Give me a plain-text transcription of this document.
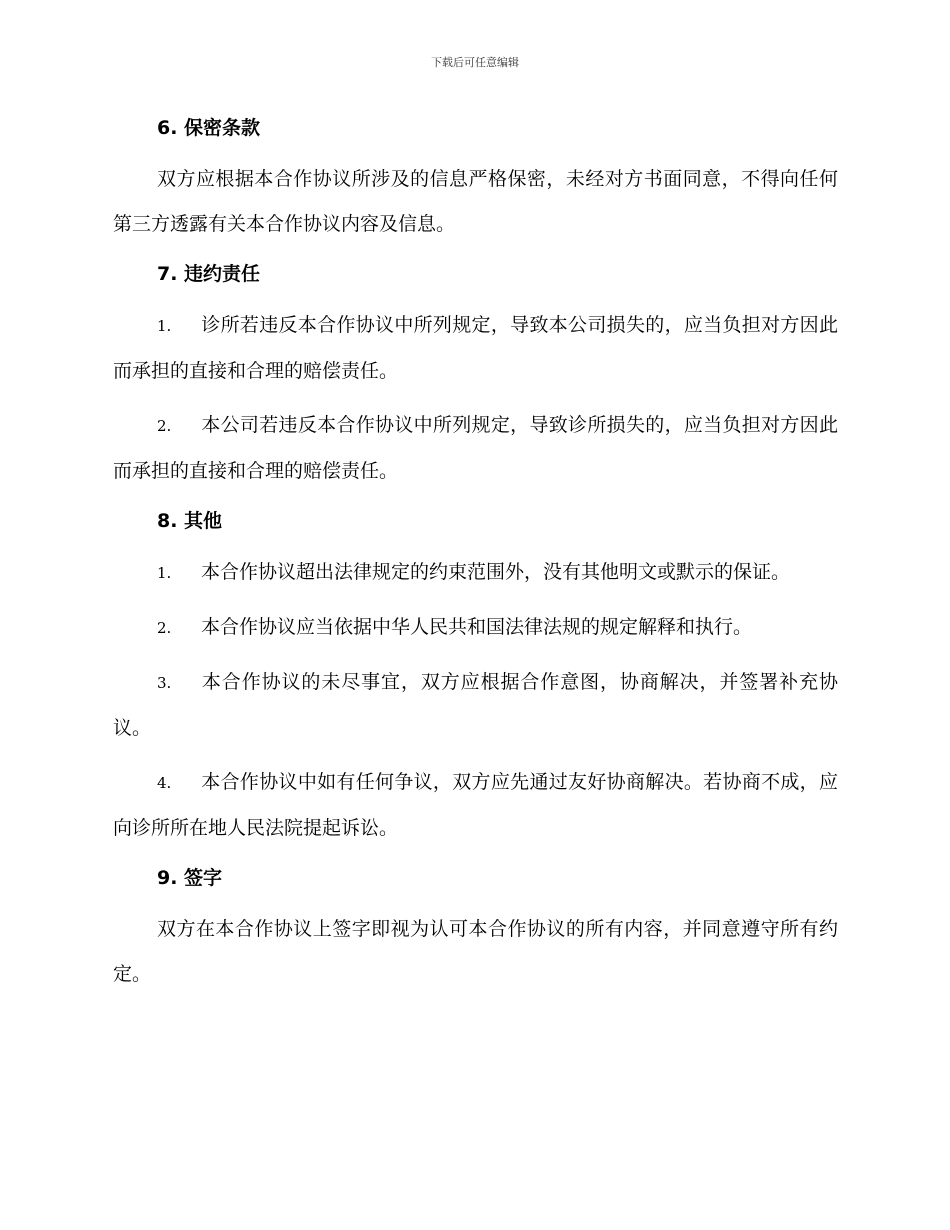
下载后可任意编辑
6. 保密条款

双方应根据本合作协议所涉及的信息严格保密，未经对方书面同意，不得向任何第三方透露有关本合作协议内容及信息。

7. 违约责任

1. 诊所若违反本合作协议中所列规定，导致本公司损失的，应当负担对方因此而承担的直接和合理的赔偿责任。

2. 本公司若违反本合作协议中所列规定，导致诊所损失的，应当负担对方因此而承担的直接和合理的赔偿责任。

8. 其他

1. 本合作协议超出法律规定的约束范围外，没有其他明文或默示的保证。

2. 本合作协议应当依据中华人民共和国法律法规的规定解释和执行。

3. 本合作协议的未尽事宜，双方应根据合作意图，协商解决，并签署补充协议。

4. 本合作协议中如有任何争议，双方应先通过友好协商解决。若协商不成，应向诊所所在地人民法院提起诉讼。

9. 签字

双方在本合作协议上签字即视为认可本合作协议的所有内容，并同意遵守所有约定。
